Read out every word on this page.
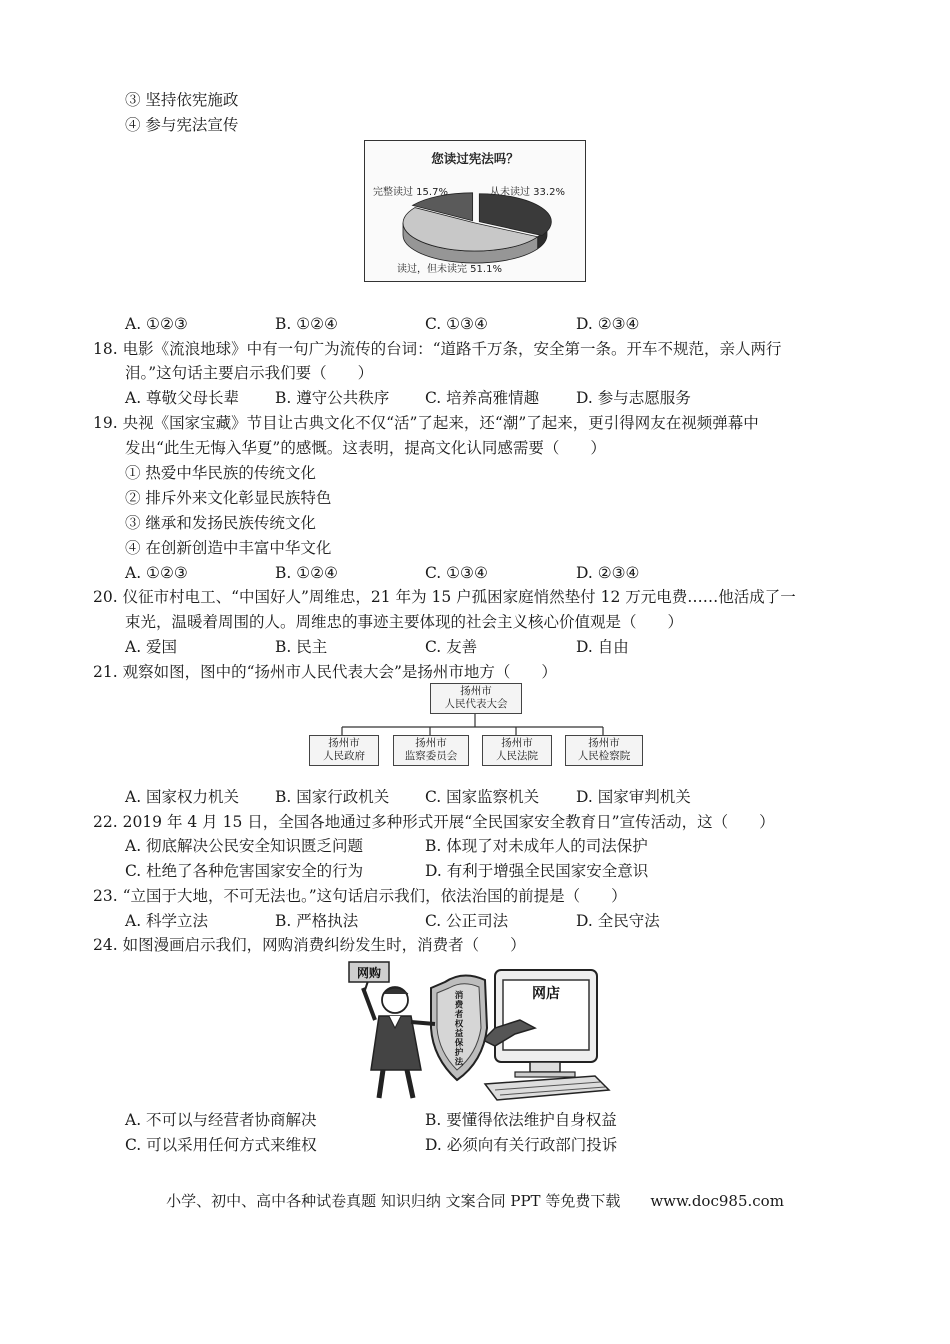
③ 坚持依宪施政
④ 参与宪法宣传
您读过宪法吗？
完整读过 15.7%	从未读过 33.2%
读过，但未读完 51.1%
A. ①②③	B. ①②④	C. ①③④	D. ②③④
18. 电影《流浪地球》中有一句广为流传的台词：“道路千万条，安全第一条。开车不规范，亲人两行
泪。”这句话主要启示我们要（　　）
A. 尊敬父母长辈 B. 遵守公共秩序 C. 培养高雅情趣 D. 参与志愿服务
19. 央视《国家宝藏》节目让古典文化不仅“活”了起来，还“潮”了起来，更引得网友在视频弹幕中
发出“此生无悔入华夏”的感慨。这表明，提高文化认同感需要（　　）
① 热爱中华民族的传统文化
② 排斥外来文化彰显民族特色
③ 继承和发扬民族传统文化
④ 在创新创造中丰富中华文化
A. ①②③	B. ①②④	C. ①③④	D. ②③④
20. 仪征市村电工、“中国好人”周维忠，21 年为 15 户孤困家庭悄然垫付 12 万元电费……他活成了一
束光，温暖着周围的人。周维忠的事迹主要体现的社会主义核心价值观是（　　）
A. 爱国	B. 民主	C. 友善	D. 自由
21. 观察如图，图中的“扬州市人民代表大会”是扬州市地方（　　）
扬州市
人民代表大会
扬州市
人民政府
扬州市
监察委员会
扬州市
人民法院
扬州市
人民检察院
A. 国家权力机关 B. 国家行政机关 C. 国家监察机关 D. 国家审判机关
22. 2019 年 4 月 15 日，全国各地通过多种形式开展“全民国家安全教育日”宣传活动，这（　　）
A. 彻底解决公民安全知识匮乏问题	B. 体现了对未成年人的司法保护
C. 杜绝了各种危害国家安全的行为	D. 有利于增强全民国家安全意识
23. “立国于大地，不可无法也。”这句话启示我们，依法治国的前提是（　　）
A. 科学立法	B. 严格执法	C. 公正司法	D. 全民守法
24. 如图漫画启示我们，网购消费纠纷发生时，消费者（　　）
网购
网店
消费者权益保护法
A. 不可以与经营者协商解决	B. 要懂得依法维护自身权益
C. 可以采用任何方式来维权	D. 必须向有关行政部门投诉
小学、初中、高中各种试卷真题 知识归纳 文案合同 PPT 等免费下载　　www.doc985.com
